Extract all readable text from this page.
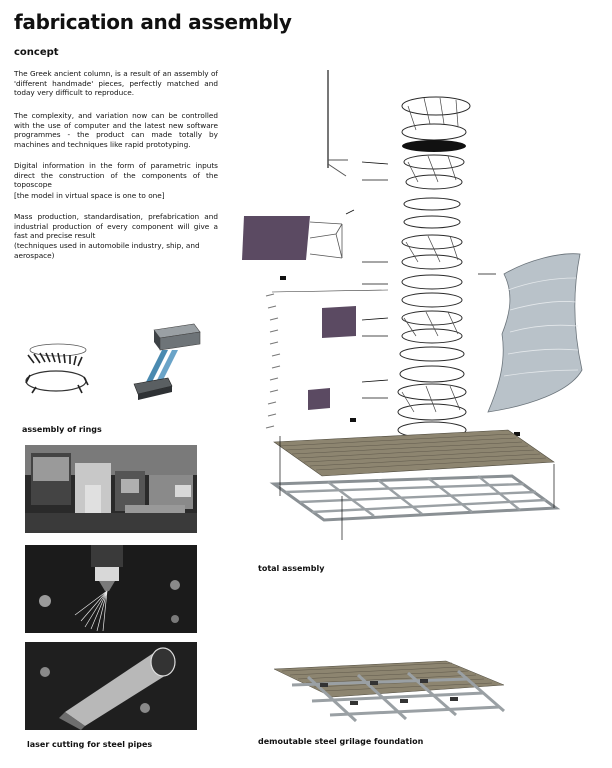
fabrication and assembly
concept
The Greek ancient column, is a result of an assembly of 'different handmade' pieces, perfectly matched and today very difficult to reproduce.
The complexity, and variation now can be controlled with the use of computer and the latest new software programmes - the product can made totally by machines and techniques like rapid prototyping.
Digital information in the form of parametric inputs direct the construction of the components of the toposcope
[the model in virtual space is one to one]
Mass production, standardisation, prefabrication and industrial production of every component will give a fast and precise result
(techniques used in automobile industry, ship, and aerospace)
assembly of rings
laser cutting for steel pipes
total assembly
demoutable steel grilage foundation
